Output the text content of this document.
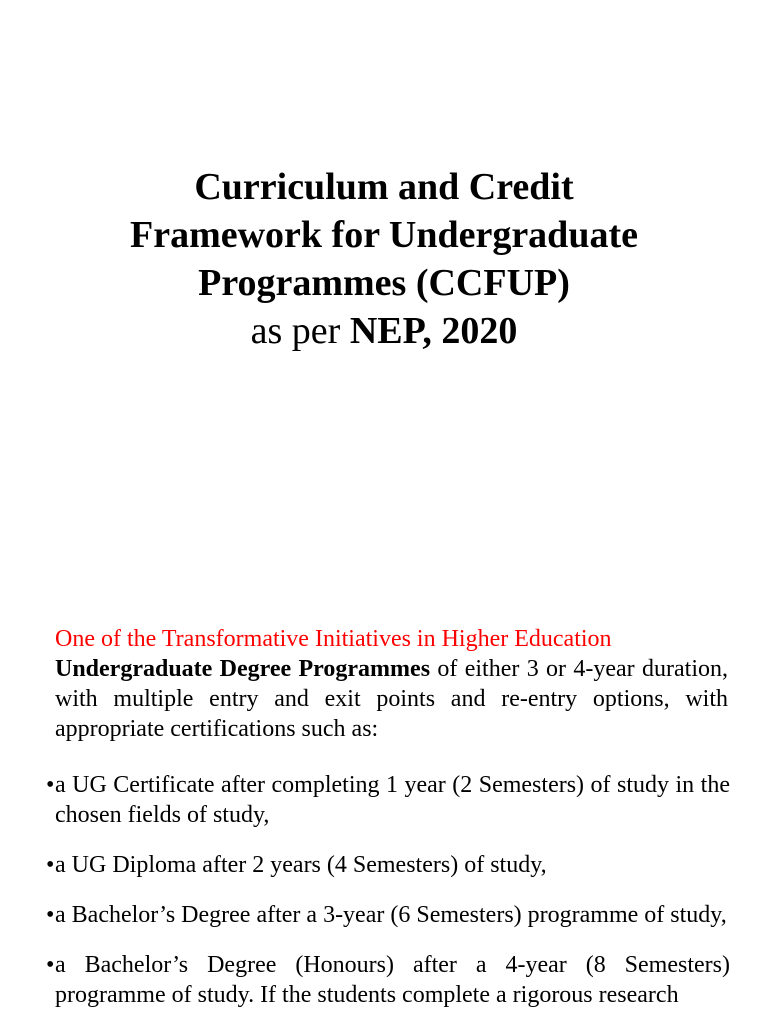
Curriculum and Credit
Framework for Undergraduate
Programmes (CCFUP)
as per NEP, 2020

One of the Transformative Initiatives in Higher Education

Undergraduate Degree Programmes of either 3 or 4-year duration, with multiple entry and exit points and re-entry options, with appropriate certifications such as:

• a UG Certificate after completing 1 year (2 Semesters) of study in the chosen fields of study,
• a UG Diploma after 2 years (4 Semesters) of study,
• a Bachelor’s Degree after a 3-year (6 Semesters) programme of study,
• a Bachelor’s Degree (Honours) after a 4-year (8 Semesters) programme of study. If the students complete a rigorous research
